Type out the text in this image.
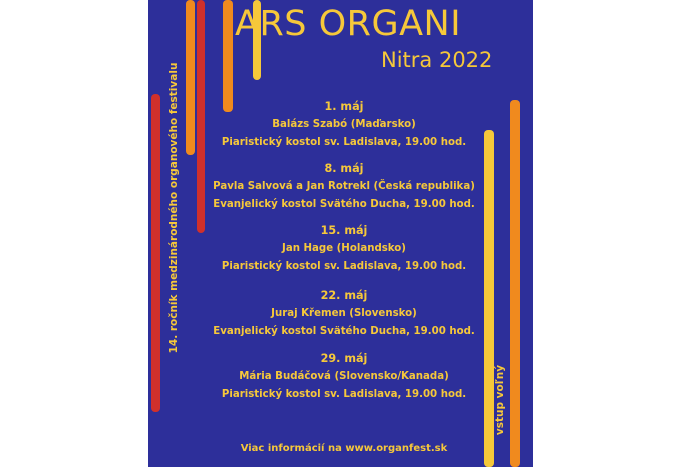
ARS ORGANI
Nitra 2022
14. ročník medzinárodného organového festivalu
vstup voľný
1. máj
Balázs Szabó (Maďarsko)
Piaristický kostol sv. Ladislava, 19.00 hod.
8. máj
Pavla Salvová a Jan Rotrekl (Česká republika)
Evanjelický kostol Svätého Ducha, 19.00 hod.
15. máj
Jan Hage (Holandsko)
Piaristický kostol sv. Ladislava, 19.00 hod.
22. máj
Juraj Křemen (Slovensko)
Evanjelický kostol Svätého Ducha, 19.00 hod.
29. máj
Mária Budáčová (Slovensko/Kanada)
Piaristický kostol sv. Ladislava, 19.00 hod.
Viac informácií na www.organfest.sk
